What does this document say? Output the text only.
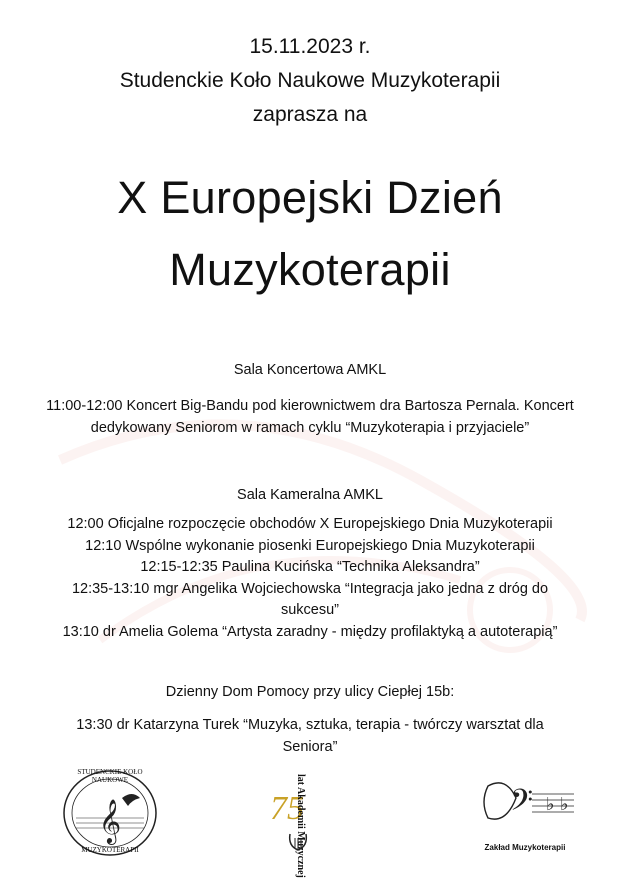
15.11.2023 r.
Studenckie Koło Naukowe Muzykoterapii
zaprasza na
X Europejski Dzień
Muzykoterapii
Sala Koncertowa AMKL
11:00-12:00 Koncert Big-Bandu pod kierownictwem dra Bartosza Pernala. Koncert dedykowany Seniorom w ramach cyklu “Muzykoterapia i przyjaciele”
Sala Kameralna AMKL
12:00 Oficjalne rozpoczęcie obchodów X Europejskiego Dnia Muzykoterapii
12:10 Wspólne wykonanie piosenki Europejskiego Dnia Muzykoterapii
12:15-12:35 Paulina Kucińska “Technika Aleksandra”
12:35-13:10 mgr Angelika Wojciechowska “Integracja jako jedna z dróg do sukcesu”
13:10 dr Amelia Golema “Artysta zaradny - między profilaktyką a autoterapią”
Dzienny Dom Pomocy przy ulicy Ciepłej 15b:
13:30 dr Katarzyna Turek “Muzyka, sztuka, terapia - twórczy warsztat dla Seniora”
𝄞
STUDENCKIE KOŁO NAUKOWE
MUZYKOTERAPII
75
lat Akademii Muzycznej	𝄢 ♭ ♭
Zakład Muzykoterapii
